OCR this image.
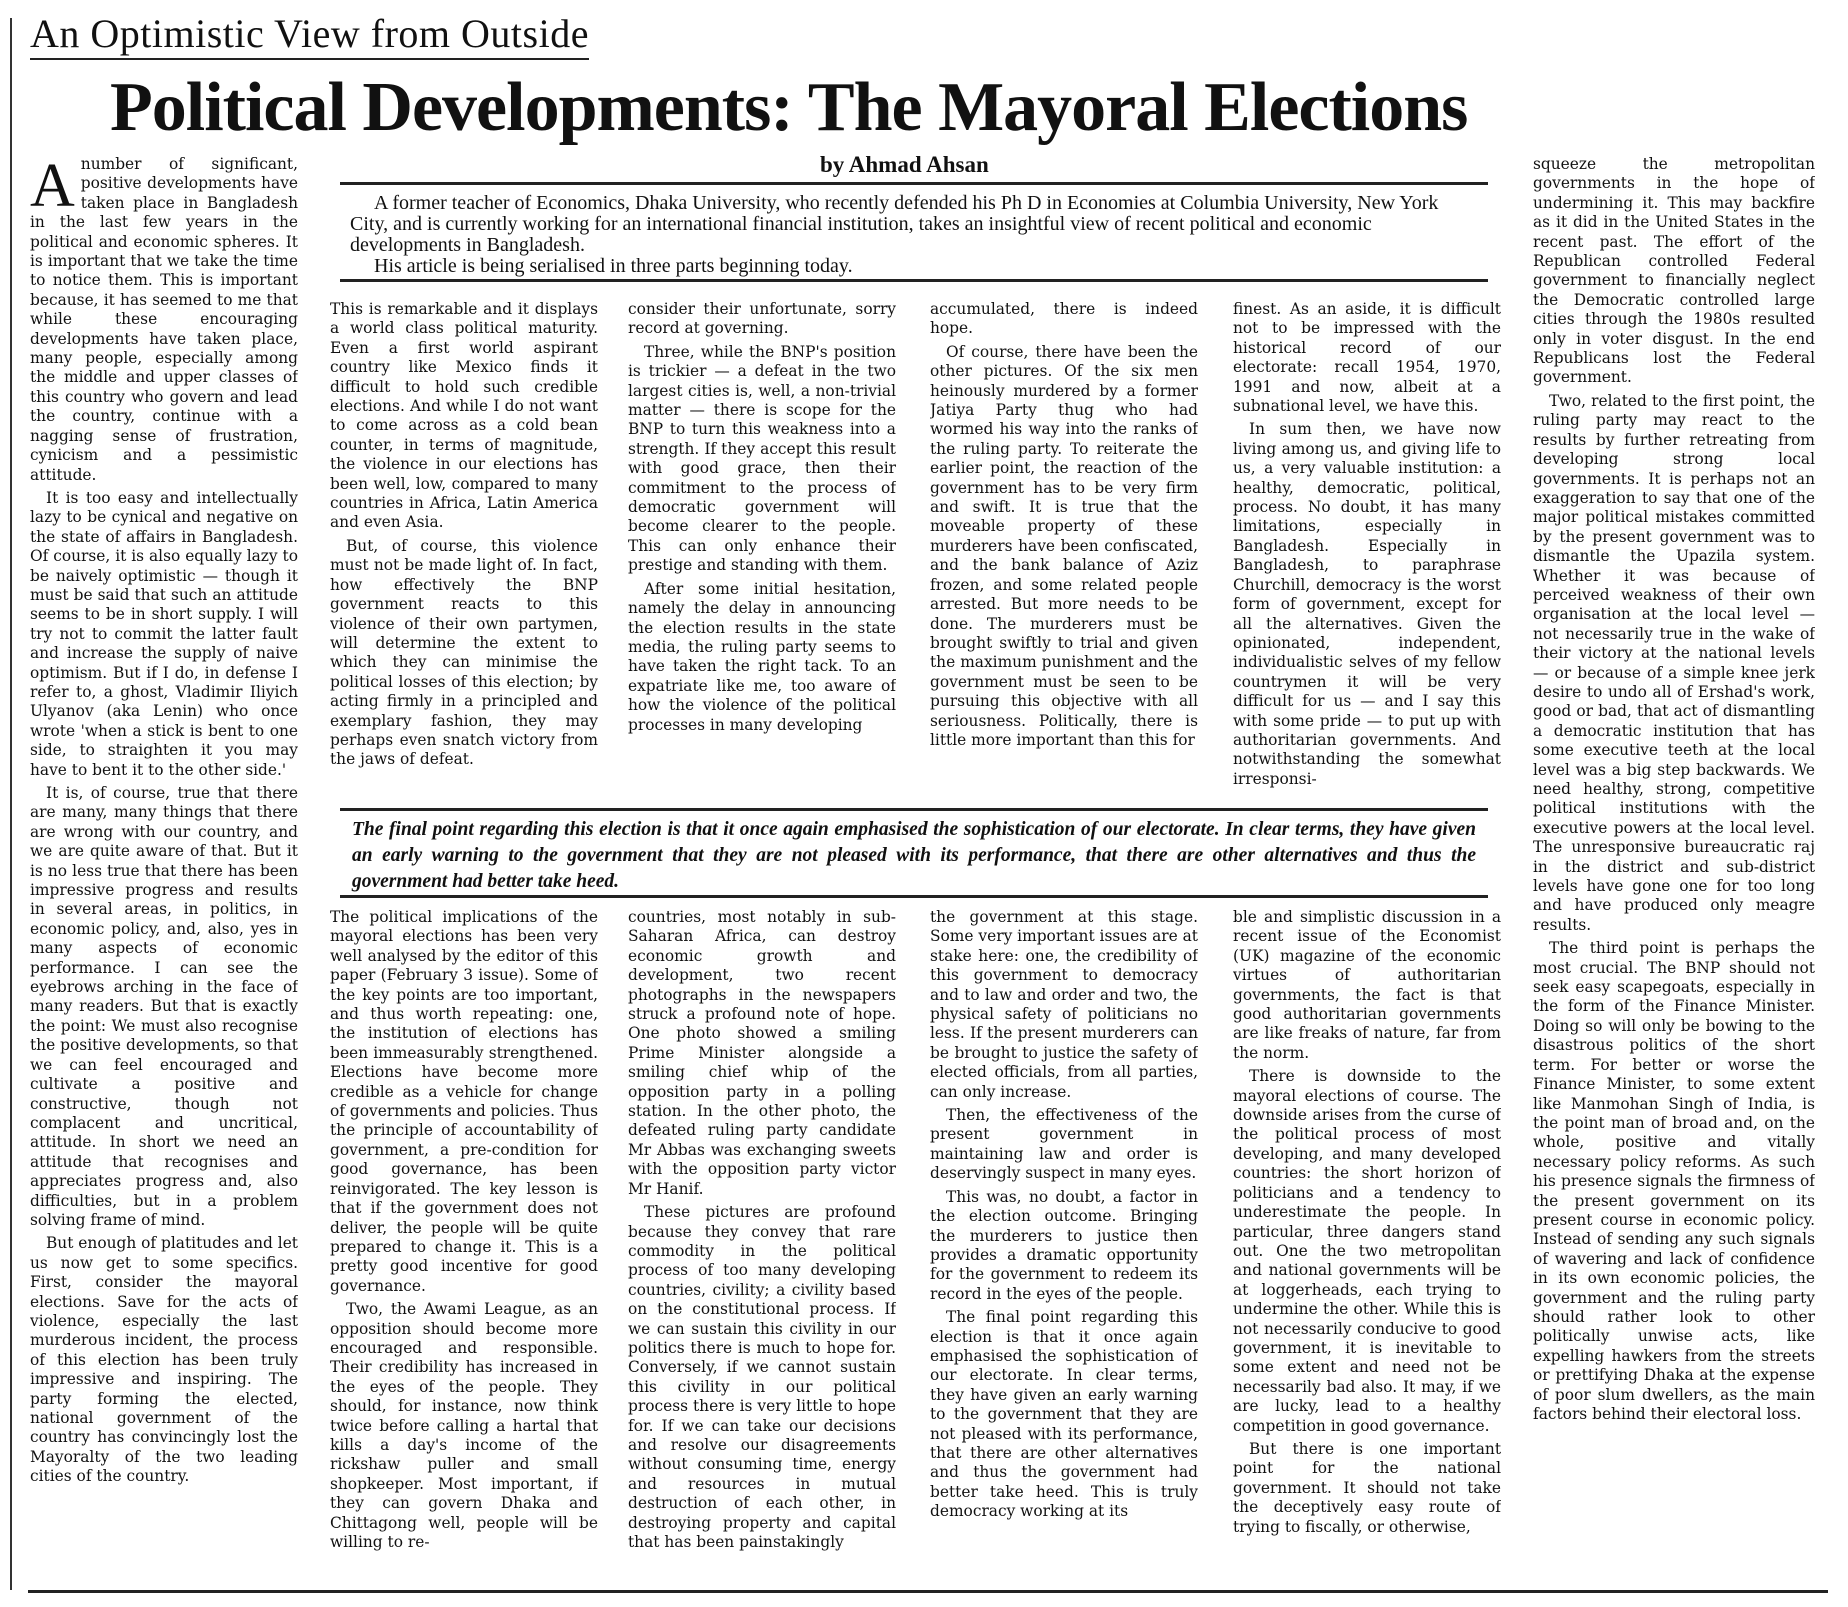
An Optimistic View from Outside
Political Developments: The Mayoral Elections
by Ahmad Ahsan

A former teacher of Economics, Dhaka University, who recently defended his Ph D in Economies at Columbia University, New York City, and is currently working for an international financial institution, takes an insightful view of recent political and economic developments in Bangladesh.

His article is being serialised in three parts beginning today.

Anumber of significant, positive developments have taken place in Bangladesh in the last few years in the political and economic spheres. It is important that we take the time to notice them. This is important because, it has seemed to me that while these encouraging developments have taken place, many people, especially among the middle and upper classes of this country who govern and lead the country, continue with a nagging sense of frustration, cynicism and a pessimistic attitude.

It is too easy and intellectually lazy to be cynical and negative on the state of affairs in Bangladesh. Of course, it is also equally lazy to be naively optimistic — though it must be said that such an attitude seems to be in short supply. I will try not to commit the latter fault and increase the supply of naive optimism. But if I do, in defense I refer to, a ghost, Vladimir Iliyich Ulyanov (aka Lenin) who once wrote 'when a stick is bent to one side, to straighten it you may have to bent it to the other side.'

It is, of course, true that there are many, many things that there are wrong with our country, and we are quite aware of that. But it is no less true that there has been impressive progress and results in several areas, in politics, in economic policy, and, also, yes in many aspects of economic performance. I can see the eyebrows arching in the face of many readers. But that is exactly the point: We must also recognise the positive developments, so that we can feel encouraged and cultivate a positive and constructive, though not complacent and uncritical, attitude. In short we need an attitude that recognises and appreciates progress and, also difficulties, but in a problem solving frame of mind.

But enough of platitudes and let us now get to some specifics. First, consider the mayoral elections. Save for the acts of violence, especially the last murderous incident, the process of this election has been truly impressive and inspiring. The party forming the elected, national government of the country has convincingly lost the Mayoralty of the two leading cities of the country.

This is remarkable and it displays a world class political maturity. Even a first world aspirant country like Mexico finds it difficult to hold such credible elections. And while I do not want to come across as a cold bean counter, in terms of magnitude, the violence in our elections has been well, low, compared to many countries in Africa, Latin America and even Asia.

But, of course, this violence must not be made light of. In fact, how effectively the BNP government reacts to this violence of their own partymen, will determine the extent to which they can minimise the political losses of this election; by acting firmly in a principled and exemplary fashion, they may perhaps even snatch victory from the jaws of defeat.

consider their unfortunate, sorry record at governing.

Three, while the BNP's position is trickier — a defeat in the two largest cities is, well, a non-trivial matter — there is scope for the BNP to turn this weakness into a strength. If they accept this result with good grace, then their commitment to the process of democratic government will become clearer to the people. This can only enhance their prestige and standing with them.

After some initial hesitation, namely the delay in announcing the election results in the state media, the ruling party seems to have taken the right tack. To an expatriate like me, too aware of how the violence of the political processes in many developing

accumulated, there is indeed hope.

Of course, there have been the other pictures. Of the six men heinously murdered by a former Jatiya Party thug who had wormed his way into the ranks of the ruling party. To reiterate the earlier point, the reaction of the government has to be very firm and swift. It is true that the moveable property of these murderers have been confiscated, and the bank balance of Aziz frozen, and some related people arrested. But more needs to be done. The murderers must be brought swiftly to trial and given the maximum punishment and the government must be seen to be pursuing this objective with all seriousness. Politically, there is little more important than this for

finest. As an aside, it is difficult not to be impressed with the historical record of our electorate: recall 1954, 1970, 1991 and now, albeit at a subnational level, we have this.

In sum then, we have now living among us, and giving life to us, a very valuable institution: a healthy, democratic, political, process. No doubt, it has many limitations, especially in Bangladesh. Especially in Bangladesh, to paraphrase Churchill, democracy is the worst form of government, except for all the alternatives. Given the opinionated, independent, individualistic selves of my fellow countrymen it will be very difficult for us — and I say this with some pride — to put up with authoritarian governments. And notwithstanding the somewhat irresponsi-

The final point regarding this election is that it once again emphasised the sophistication of our electorate. In clear terms, they have given an early warning to the government that they are not pleased with its performance, that there are other alternatives and thus the government had better take heed.

The political implications of the mayoral elections has been very well analysed by the editor of this paper (February 3 issue). Some of the key points are too important, and thus worth repeating: one, the institution of elections has been immeasurably strengthened. Elections have become more credible as a vehicle for change of governments and policies. Thus the principle of accountability of government, a pre-condition for good governance, has been reinvigorated. The key lesson is that if the government does not deliver, the people will be quite prepared to change it. This is a pretty good incentive for good governance.

Two, the Awami League, as an opposition should become more encouraged and responsible. Their credibility has increased in the eyes of the people. They should, for instance, now think twice before calling a hartal that kills a day's income of the rickshaw puller and small shopkeeper. Most important, if they can govern Dhaka and Chittagong well, people will be willing to re-

countries, most notably in sub-Saharan Africa, can destroy economic growth and development, two recent photographs in the newspapers struck a profound note of hope. One photo showed a smiling Prime Minister alongside a smiling chief whip of the opposition party in a polling station. In the other photo, the defeated ruling party candidate Mr Abbas was exchanging sweets with the opposition party victor Mr Hanif.

These pictures are profound because they convey that rare commodity in the political process of too many developing countries, civility; a civility based on the constitutional process. If we can sustain this civility in our politics there is much to hope for. Conversely, if we cannot sustain this civility in our political process there is very little to hope for. If we can take our decisions and resolve our disagreements without consuming time, energy and resources in mutual destruction of each other, in destroying property and capital that has been painstakingly

the government at this stage. Some very important issues are at stake here: one, the credibility of this government to democracy and to law and order and two, the physical safety of politicians no less. If the present murderers can be brought to justice the safety of elected officials, from all parties, can only increase.

Then, the effectiveness of the present government in maintaining law and order is deservingly suspect in many eyes.

This was, no doubt, a factor in the election outcome. Bringing the murderers to justice then provides a dramatic opportunity for the government to redeem its record in the eyes of the people.

The final point regarding this election is that it once again emphasised the sophistication of our electorate. In clear terms, they have given an early warning to the government that they are not pleased with its performance, that there are other alternatives and thus the government had better take heed. This is truly democracy working at its

ble and simplistic discussion in a recent issue of the Economist (UK) magazine of the economic virtues of authoritarian governments, the fact is that good authoritarian governments are like freaks of nature, far from the norm.

There is downside to the mayoral elections of course. The downside arises from the curse of the political process of most developing, and many developed countries: the short horizon of politicians and a tendency to underestimate the people. In particular, three dangers stand out. One the two metropolitan and national governments will be at loggerheads, each trying to undermine the other. While this is not necessarily conducive to good government, it is inevitable to some extent and need not be necessarily bad also. It may, if we are lucky, lead to a healthy competition in good governance.

But there is one important point for the national government. It should not take the deceptively easy route of trying to fiscally, or otherwise,

squeeze the metropolitan governments in the hope of undermining it. This may backfire as it did in the United States in the recent past. The effort of the Republican controlled Federal government to financially neglect the Democratic controlled large cities through the 1980s resulted only in voter disgust. In the end Republicans lost the Federal government.

Two, related to the first point, the ruling party may react to the results by further retreating from developing strong local governments. It is perhaps not an exaggeration to say that one of the major political mistakes committed by the present government was to dismantle the Upazila system. Whether it was because of perceived weakness of their own organisation at the local level — not necessarily true in the wake of their victory at the national levels — or because of a simple knee jerk desire to undo all of Ershad's work, good or bad, that act of dismantling a democratic institution that has some executive teeth at the local level was a big step backwards. We need healthy, strong, competitive political institutions with the executive powers at the local level. The unresponsive bureaucratic raj in the district and sub-district levels have gone one for too long and have produced only meagre results.

The third point is perhaps the most crucial. The BNP should not seek easy scapegoats, especially in the form of the Finance Minister. Doing so will only be bowing to the disastrous politics of the short term. For better or worse the Finance Minister, to some extent like Manmohan Singh of India, is the point man of broad and, on the whole, positive and vitally necessary policy reforms. As such his presence signals the firmness of the present government on its present course in economic policy. Instead of sending any such signals of wavering and lack of confidence in its own economic policies, the government and the ruling party should rather look to other politically unwise acts, like expelling hawkers from the streets or prettifying Dhaka at the expense of poor slum dwellers, as the main factors behind their electoral loss.
